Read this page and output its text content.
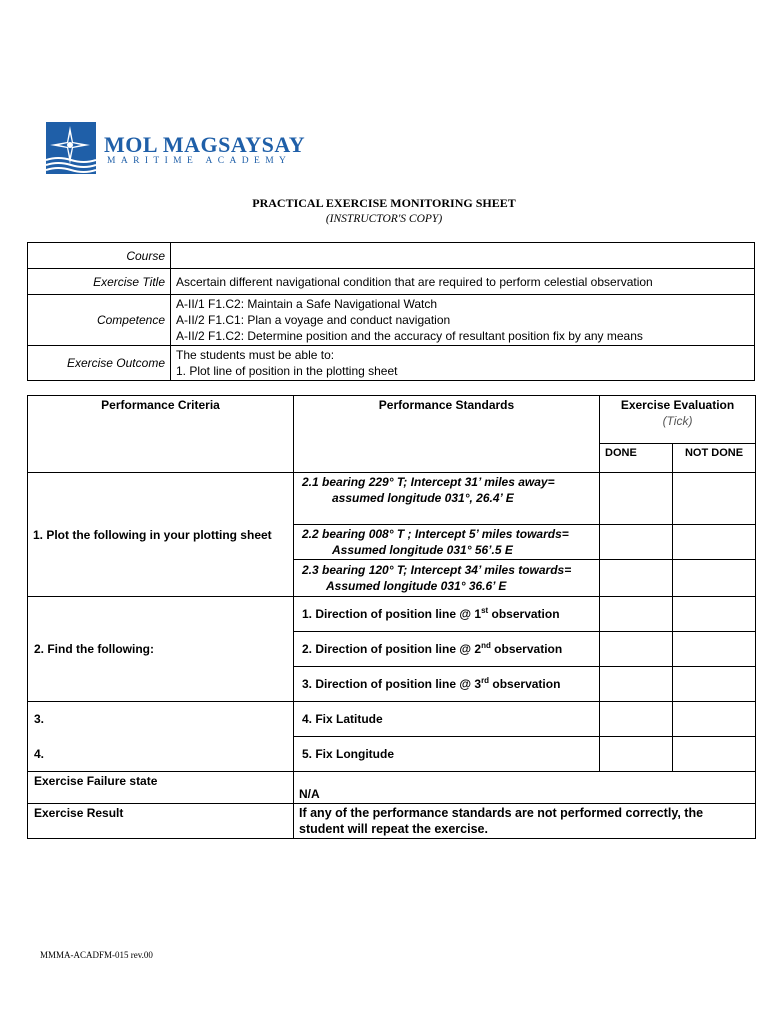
MOL MAGSAYSAY
MARITIME ACADEMY
PRACTICAL EXERCISE MONITORING SHEET
(INSTRUCTOR'S COPY)
Course	
Exercise Title	Ascertain different navigational condition that are required to perform celestial observation
Competence	A-II/1 F1.C2: Maintain a Safe Navigational Watch
A-II/2 F1.C1: Plan a voyage and conduct navigation
A-II/2 F1.C2: Determine position and the accuracy of resultant position fix by any means

Exercise Outcome	The students must be able to:
1. Plot line of position in the plotting sheet
Performance Criteria	Performance Standards	Exercise Evaluation
(Tick)	

		DONE	NOT DONE
1. Plot the following in your plotting sheet	2.1 bearing 229° T; Intercept 31’ miles away=
assumed longitude 031°, 26.4’ E		

	2.2 bearing 008° T ; Intercept 5’ miles towards=
Assumed longitude 031° 56’.5 E		

	2.3 bearing 120° T; Intercept 34’ miles towards=
Assumed longitude 031° 36.6’ E		

2. Find the following:	1. Direction of position line @ 1st observation		
	2. Direction of position line @ 2nd observation		
	3. Direction of position line @ 3rd observation		
3.	4. Fix Latitude		
4.	5. Fix Longitude		
Exercise Failure state	N/A		
Exercise Result	If any of the performance standards are not performed correctly, the student will repeat the exercise.		
MMMA-ACADFM-015 rev.00
